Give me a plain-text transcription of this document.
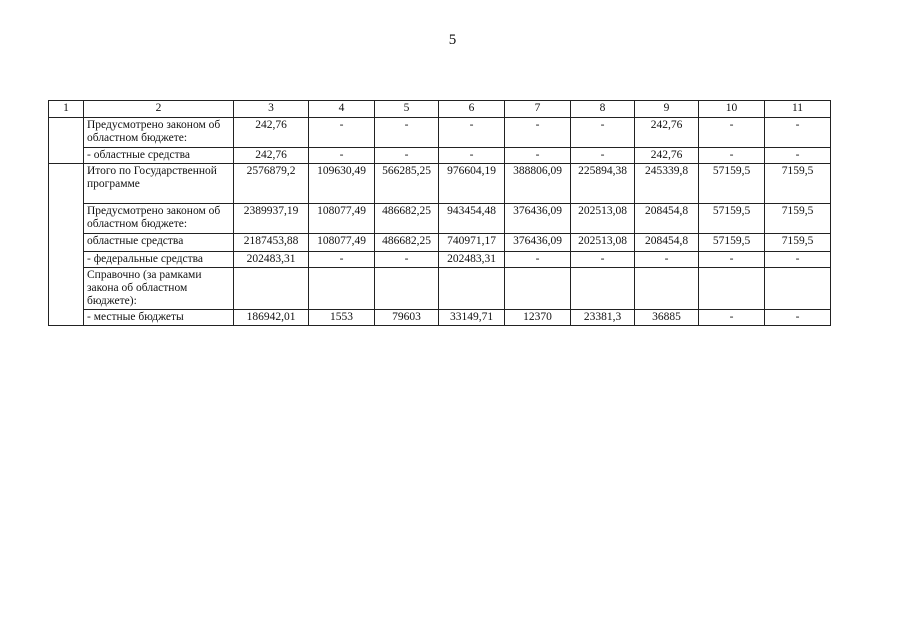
5
1	2	3	4	5	6	7	8	9	10	11
	Предусмотрено законом об областном бюджете:	242,76	-	-	-	-	-	242,76	-	-
	- областные средства	242,76	-	-	-	-	-	242,76	-	-
	Итого по Государственной программе	2576879,2	109630,49	566285,25	976604,19	388806,09	225894,38	245339,8	57159,5	7159,5
	Предусмотрено законом об областном бюджете:	2389937,19	108077,49	486682,25	943454,48	376436,09	202513,08	208454,8	57159,5	7159,5
	областные средства	2187453,88	108077,49	486682,25	740971,17	376436,09	202513,08	208454,8	57159,5	7159,5
	- федеральные средства	202483,31	-	-	202483,31	-	-	-	-	-
	Справочно (за рамками закона об областном бюджете):									
	- местные бюджеты	186942,01	1553	79603	33149,71	12370	23381,3	36885	-	-
